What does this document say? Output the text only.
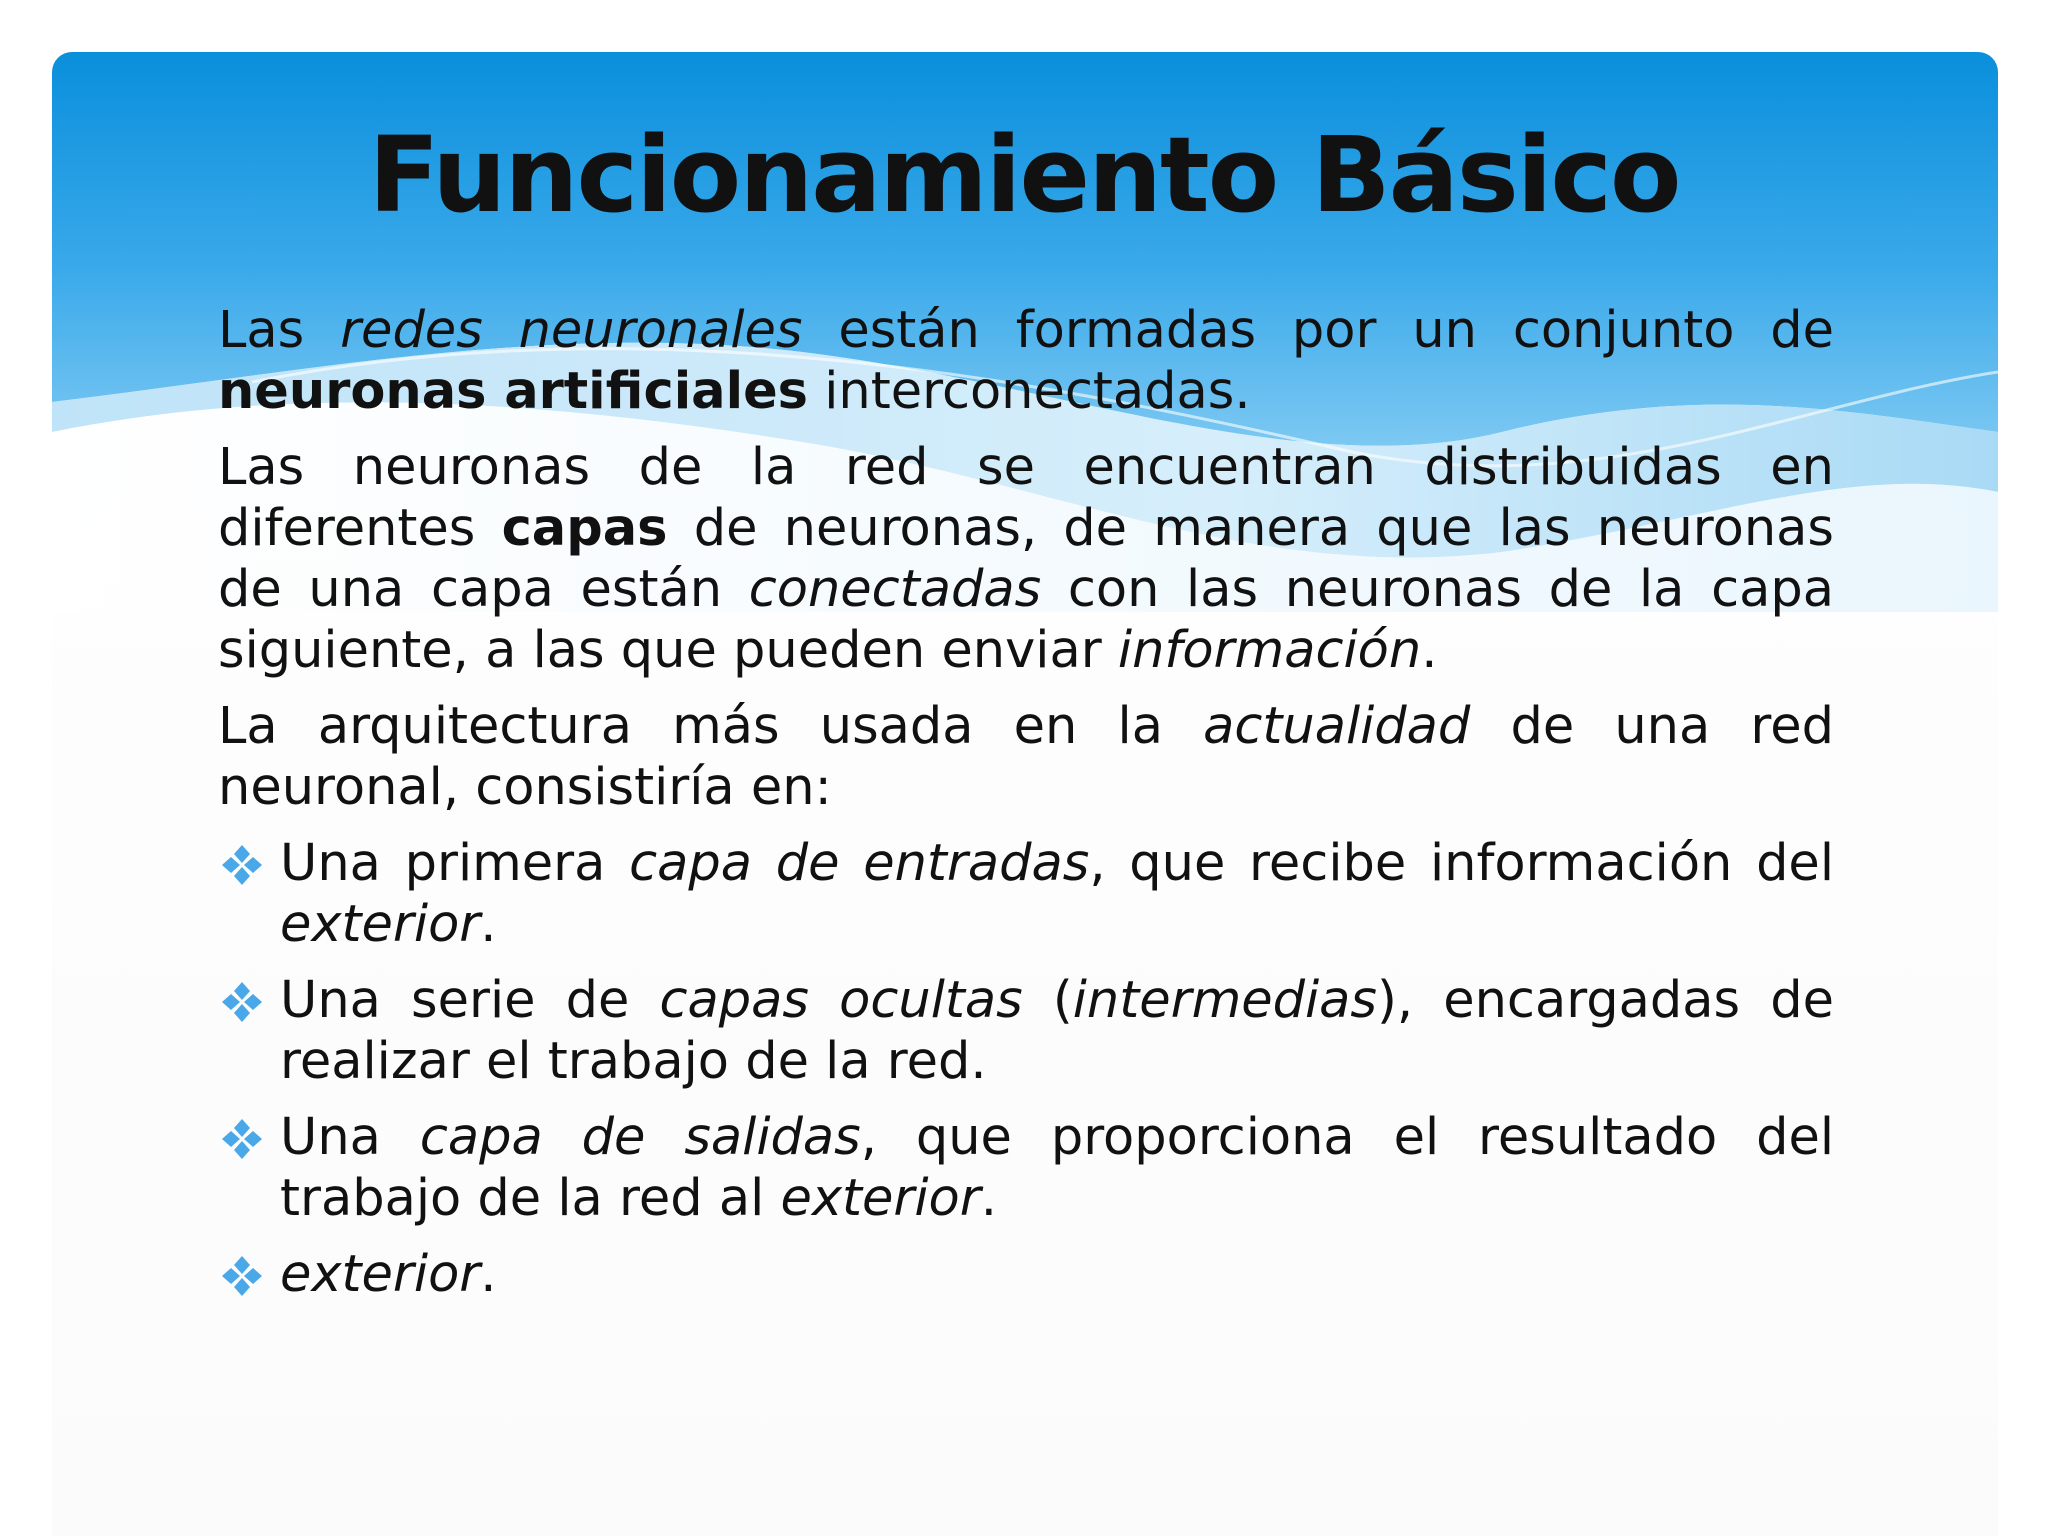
Funcionamiento Básico

Las redes neuronales están formadas por un conjunto de neuronas artificiales interconectadas.

Las neuronas de la red se encuentran distribuidas en diferentes capas de neuronas, de manera que las neuronas de una capa están conectadas con las neuronas de la capa siguiente, a las que pueden enviar información.

La arquitectura más usada en la actualidad de una red neuronal, consistiría en:

Una primera capa de entradas, que recibe información del exterior.
Una serie de capas ocultas (intermedias), encargadas de realizar el trabajo de la red.
Una capa de salidas, que proporciona el resultado del trabajo de la red al exterior.
exterior.
